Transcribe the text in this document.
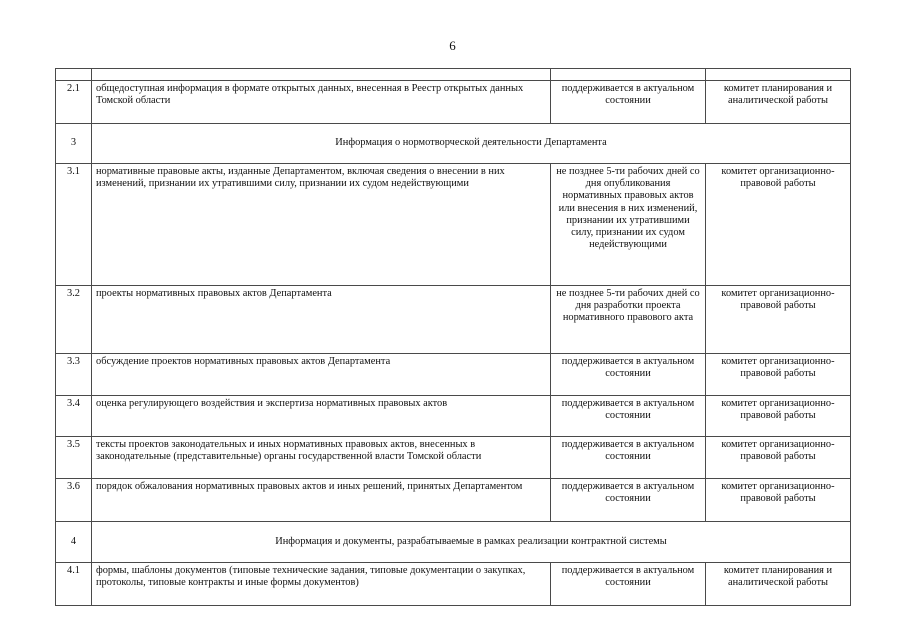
6

2.1	общедоступная информация в формате открытых данных, внесенная в Реестр открытых данных Томской области	поддерживается в актуальном состоянии	комитет планирования и аналитической работы
3	Информация о нормотворческой деятельности Департамента		
3.1	нормативные правовые акты, изданные Департаментом, включая сведения о внесении в них изменений, признании их утратившими силу, признании их судом недействующими	не позднее 5-ти рабочих дней со дня опубликования нормативных правовых актов или внесения в них изменений, признании их утратившими силу, признании их судом недействующими	комитет организационно-правовой работы
3.2	проекты нормативных правовых актов Департамента	не позднее 5-ти рабочих дней со дня разработки проекта нормативного правового акта	комитет организационно-правовой работы
3.3	обсуждение проектов нормативных правовых актов Департамента	поддерживается в актуальном состоянии	комитет организационно-правовой работы
3.4	оценка регулирующего воздействия и экспертиза нормативных правовых актов	поддерживается в актуальном состоянии	комитет организационно-правовой работы
3.5	тексты проектов законодательных и иных нормативных правовых актов, внесенных в законодательные (представительные) органы государственной власти Томской области	поддерживается в актуальном состоянии	комитет организационно-правовой работы
3.6	порядок обжалования нормативных правовых актов и иных решений, принятых Департаментом	поддерживается в актуальном состоянии	комитет организационно-правовой работы
4	Информация и документы, разрабатываемые в рамках реализации контрактной системы		
4.1	формы, шаблоны документов (типовые технические задания, типовые документации о закупках, протоколы, типовые контракты и иные формы документов)	поддерживается в актуальном состоянии	комитет планирования и аналитической работы
